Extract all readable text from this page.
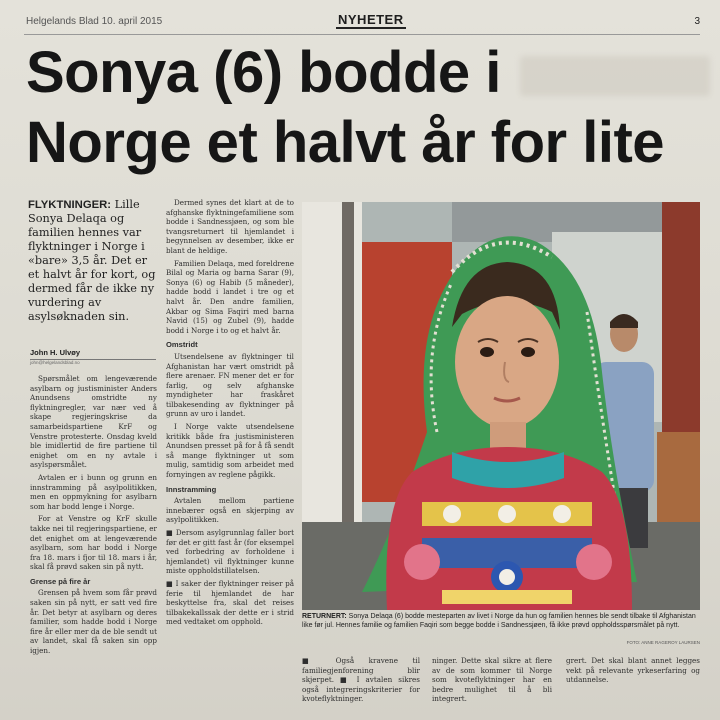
Helgelands Blad 10. april 2015	NYHETER	3
Sonya (6) bodde i
Norge et halvt år for lite
FLYKTNINGER: Lille Sonya Delaqa og familien hennes var flyktninger i Norge i «bare» 3,5 år. Det er et halvt år for kort, og dermed får de ikke ny vurdering av asylsøknaden sin.
John H. Ulvøy
john@helgelandsblad.no

Spørsmålet om lengeværende asylbarn og justisminister Anders Anundsens omstridte ny flyktningregler, var nær ved å skape regjeringskrise da samarbeidspartiene KrF og Venstre protesterte. Onsdag kveld ble imidlertid de fire partiene til enighet om en ny avtale i asylspørsmålet.

Avtalen er i bunn og grunn en innstramming på asylpolitikken, men en oppmykning for asylbarn som har bodd lenge i Norge.

For at Venstre og KrF skulle takke nei til regjeringspartiene, er det enighet om at lengeværende asylbarn, som har bodd i Norge fra 18. mars i fjor til 18. mars i år, skal få prøvd saken sin på nytt.

Grense på fire år

Grensen på hvem som får prøvd saken sin på nytt, er satt ved fire år. Det betyr at asylbarn og deres familier, som hadde bodd i Norge fire år eller mer da de ble sendt ut av landet, skal få saken sin opp igjen.

Dermed synes det klart at de to afghanske flyktningefamiliene som bodde i Sandnessjøen, og som ble tvangsreturnert til hjemlandet i begynnelsen av desember, ikke er blant de heldige.

Familien Delaqa, med foreldrene Bilal og Maria og barna Sarar (9), Sonya (6) og Habib (5 måneder), hadde bodd i landet i tre og et halvt år. Den andre familien, Akbar og Sima Faqiri med barna Navid (15) og Zubel (9), hadde bodd i Norge i to og et halvt år.

Omstridt

Utsendelsene av flyktninger til Afghanistan har vært omstridt på flere arenaer. FN mener det er for farlig, og selv afghanske myndigheter har fraskåret tilbakesending av flyktninger på grunn av uro i landet.

I Norge vakte utsendelsene kritikk både fra justisministeren Anundsen presset på for å få sendt så mange flyktninger ut som mulig, samtidig som arbeidet med fornyingen av reglene pågikk.

Innstramming

Avtalen mellom partiene innebærer også en skjerping av asylpolitikken.

■ Dersom asylgrunnlag faller bort før det er gitt fast år (for eksempel ved forbedring av forholdene i hjemlandet) vil flyktninger kunne miste oppholdstillatelsen.

■ I saker der flyktninger reiser på ferie til hjemlandet de har beskyttelse fra, skal det reises tilbakekallssak der dette er i strid med vedtaket om opphold.

RETURNERT: Sonya Delaqa (6) bodde mesteparten av livet i Norge da hun og familien hennes ble sendt tilbake til Afghanistan like før jul. Hennes familie og familien Faqiri som begge bodde i Sandnessjøen, få ikke prøvd oppholdsspørsmålet på nytt.
FOTO: ANNE RAGEROY LAURSEN

■ Også kravene til familiegjenforening blir skjerpet. ■ I avtalen sikres også integreringskriterier for kvoteflyktninger.

ninger. Dette skal sikre at flere av de som kommer til Norge som kvoteflyktninger har en bedre mulighet til å bli integrert.

grert. Det skal blant annet legges vekt på relevante yrkeserfaring og utdannelse.
